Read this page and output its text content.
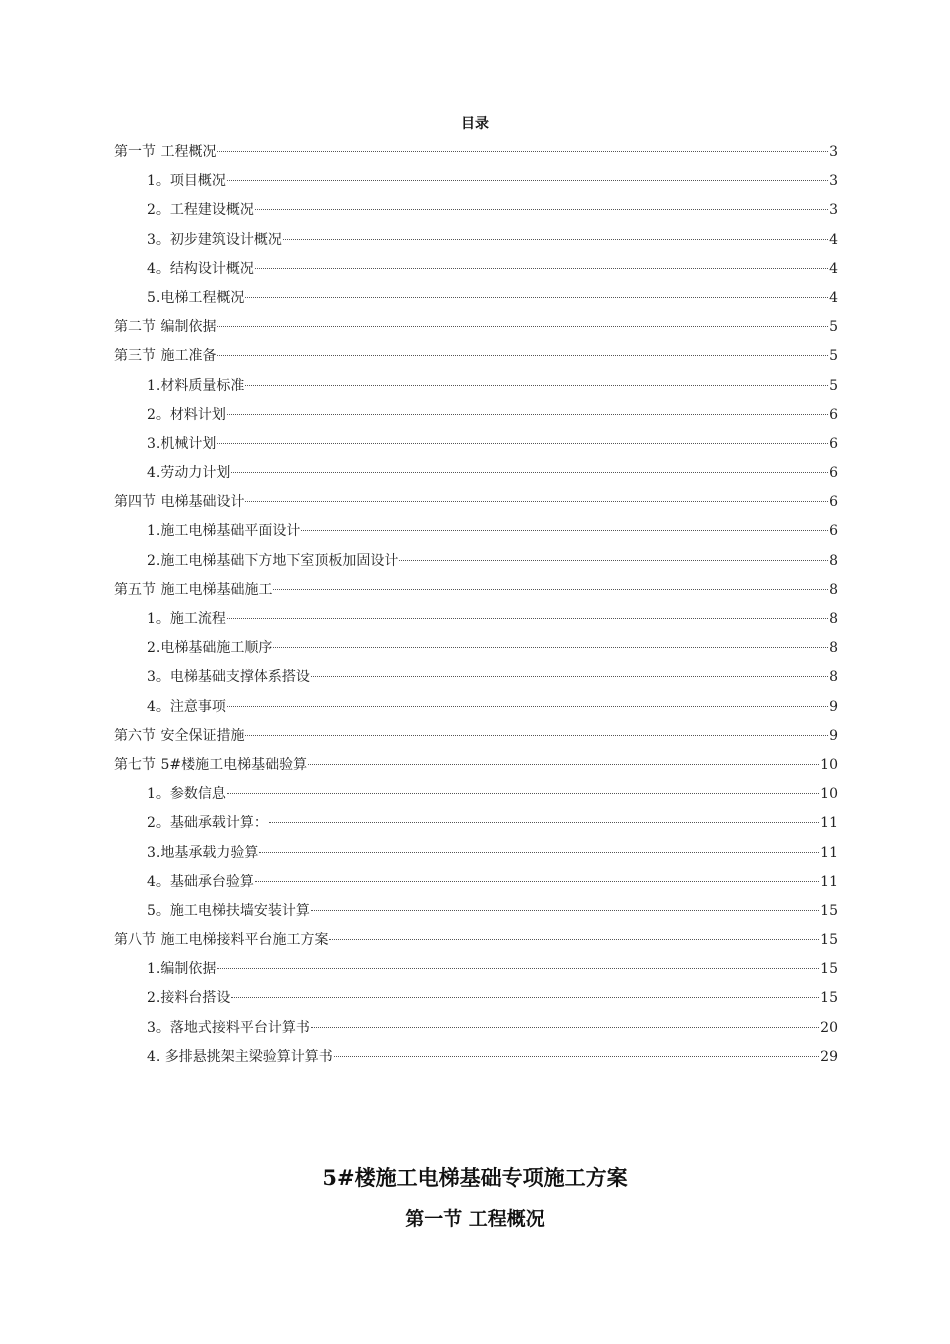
目录
第一节 工程概况	3
1。项目概况	3
2。工程建设概况	3
3。初步建筑设计概况	4
4。结构设计概况	4
5.电梯工程概况	4
第二节 编制依据	5
第三节 施工准备	5
1.材料质量标准	5
2。材料计划	6
3.机械计划	6
4.劳动力计划	6
第四节 电梯基础设计	6
1.施工电梯基础平面设计	6
2.施工电梯基础下方地下室顶板加固设计	8
第五节 施工电梯基础施工	8
1。施工流程	8
2.电梯基础施工顺序	8
3。电梯基础支撑体系搭设	8
4。注意事项	9
第六节 安全保证措施	9
第七节 5#楼施工电梯基础验算	10
1。参数信息	10
2。基础承载计算：	11
3.地基承载力验算	11
4。基础承台验算	11
5。施工电梯扶墙安装计算	15
第八节 施工电梯接料平台施工方案	15
1.编制依据	15
2.接料台搭设	15
3。落地式接料平台计算书	20
4. 多排悬挑架主梁验算计算书	29
5#楼施工电梯基础专项施工方案
第一节 工程概况
